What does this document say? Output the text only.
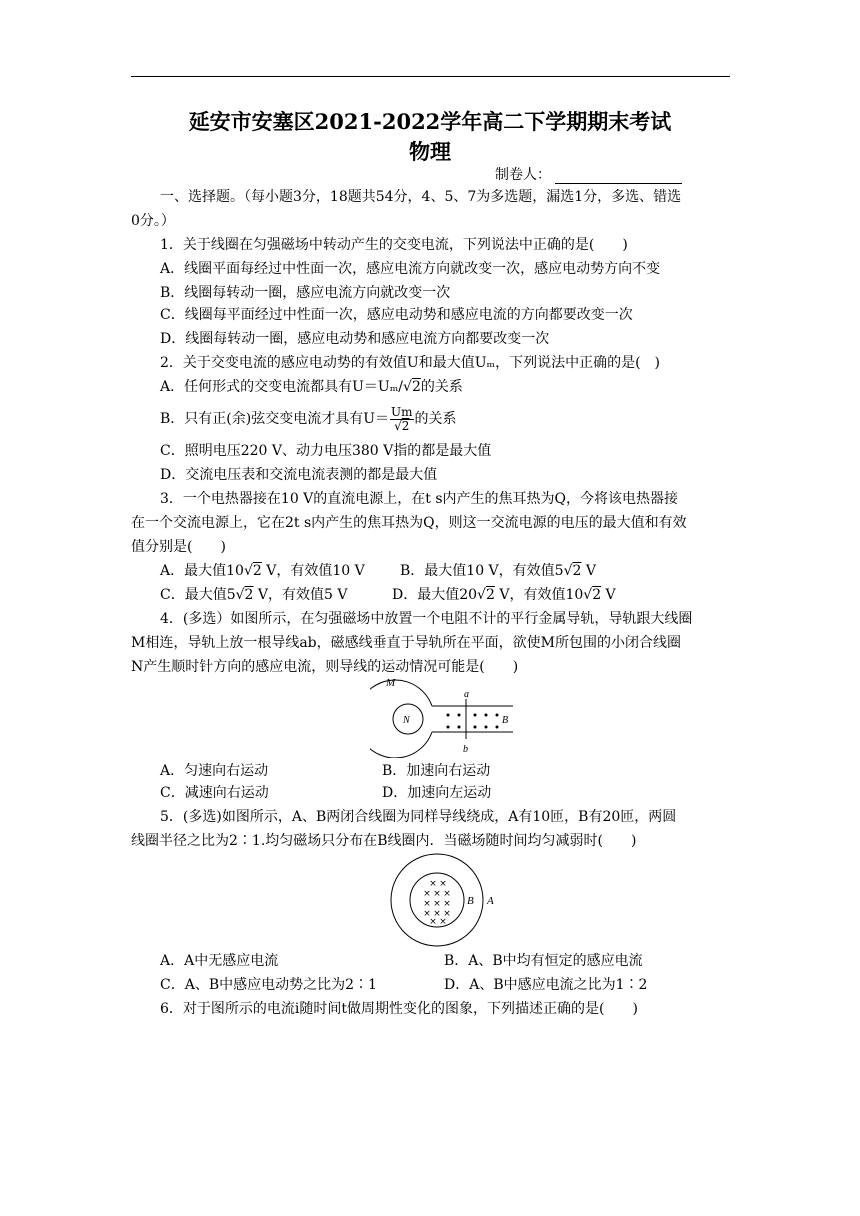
延安市安塞区2021-2022学年高二下学期期末考试
物理
制卷人：
一、选择题。（每小题3分，18题共54分，4、5、7为多选题，漏选1分，多选、错选
0分。）
1．关于线圈在匀强磁场中转动产生的交变电流，下列说法中正确的是(　　)
A．线圈平面每经过中性面一次，感应电流方向就改变一次，感应电动势方向不变
B．线圈每转动一圈，感应电流方向就改变一次
C．线圈每平面经过中性面一次，感应电动势和感应电流的方向都要改变一次
D．线圈每转动一圈，感应电动势和感应电流方向都要改变一次
2．关于交变电流的感应电动势的有效值U和最大值Uₘ，下列说法中正确的是(　)
A．任何形式的交变电流都具有U＝Uₘ/√2的关系
B．只有正(余)弦交变电流才具有$U= \frac{Um}{√2}$ 的关系
C．照明电压220 V、动力电压380 V指的都是最大值
D．交流电压表和交流电流表测的都是最大值
3．一个电热器接在10 V的直流电源上，在t s内产生的焦耳热为Q，今将该电热器接
在一个交流电源上，它在2t s内产生的焦耳热为Q，则这一交流电源的电压的最大值和有效
值分别是(　　)
A．最大值10√2 V，有效值10 V	B．最大值10 V，有效值5√2 V
C．最大值5√2 V，有效值5 V	D．最大值20√2 V，有效值10√2 V
4．(多选）如图所示，在匀强磁场中放置一个电阻不计的平行金属导轨，导轨跟大线圈
M相连，导轨上放一根导线ab，磁感线垂直于导轨所在平面，欲使M所包围的小闭合线圈
N产生顺时针方向的感应电流，则导线的运动情况可能是(　　)
M
N
a
b
B
A．匀速向右运动	B．加速向右运动
C．减速向右运动	D．加速向左运动
5．(多选)如图所示，A、B两闭合线圈为同样导线绕成，A有10匝，B有20匝，两圆
线圈半径之比为2∶1.均匀磁场只分布在B线圈内．当磁场随时间均匀减弱时(　　)
× ×
× × ×
× × ×
× × ×
× ×
B A
A．A中无感应电流	B．A、B中均有恒定的感应电流
C．A、B中感应电动势之比为2∶1	D．A、B中感应电流之比为1∶2
6．对于图所示的电流i随时间t做周期性变化的图象，下列描述正确的是(　　)
